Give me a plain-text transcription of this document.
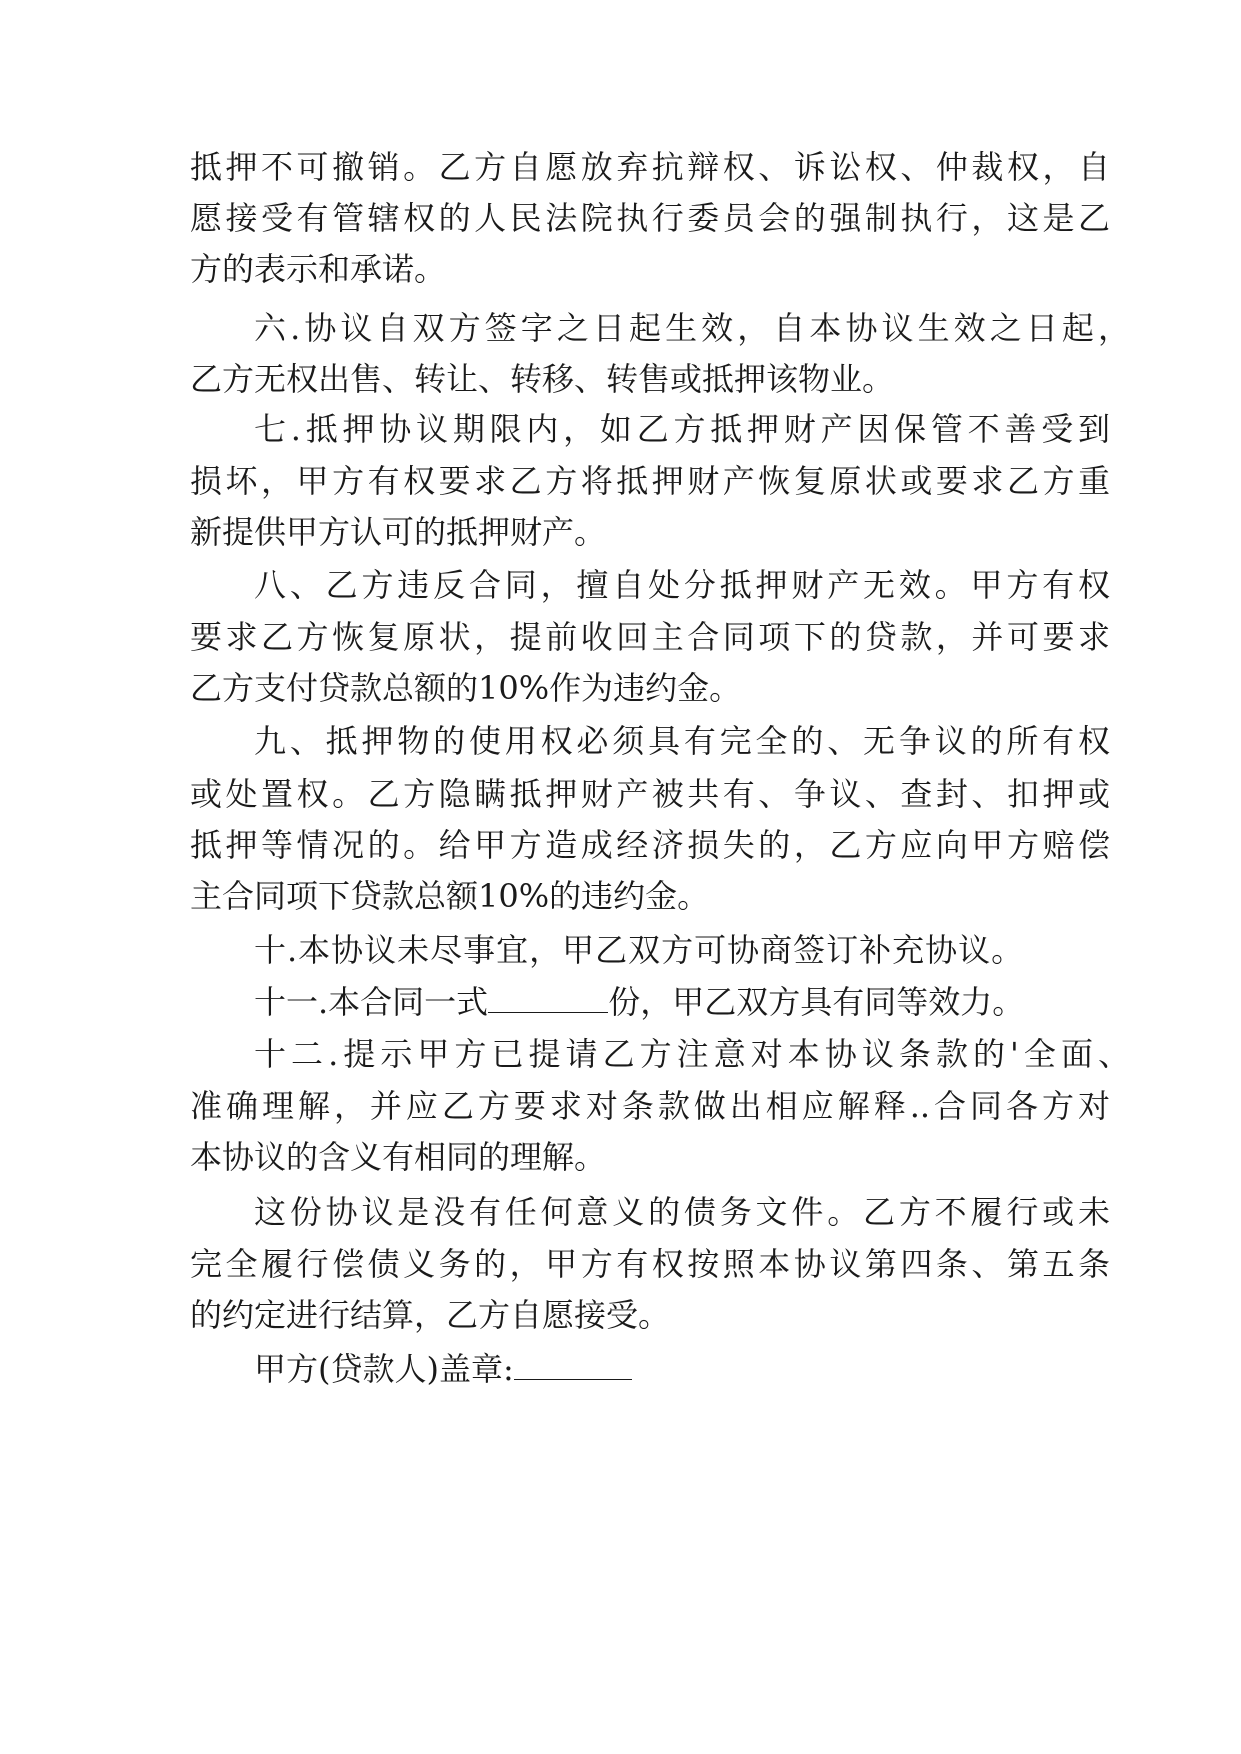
抵押不可撤销。乙方自愿放弃抗辩权、诉讼权、仲裁权，自
愿接受有管辖权的人民法院执行委员会的强制执行，这是乙
方的表示和承诺。
六.协议自双方签字之日起生效，自本协议生效之日起，
乙方无权出售、转让、转移、转售或抵押该物业。
七.抵押协议期限内，如乙方抵押财产因保管不善受到
损坏，甲方有权要求乙方将抵押财产恢复原状或要求乙方重
新提供甲方认可的抵押财产。
八、乙方违反合同，擅自处分抵押财产无效。甲方有权
要求乙方恢复原状，提前收回主合同项下的贷款，并可要求
乙方支付贷款总额的10%作为违约金。
九、抵押物的使用权必须具有完全的、无争议的所有权
或处置权。乙方隐瞒抵押财产被共有、争议、查封、扣押或
抵押等情况的。给甲方造成经济损失的，乙方应向甲方赔偿
主合同项下贷款总额10%的违约金。
十.本协议未尽事宜，甲乙双方可协商签订补充协议。
十一.本合同一式	份，甲乙双方具有同等效力。
十二.提示甲方已提请乙方注意对本协议条款的'全面、
准确理解，并应乙方要求对条款做出相应解释..合同各方对
本协议的含义有相同的理解。
这份协议是没有任何意义的债务文件。乙方不履行或未
完全履行偿债义务的，甲方有权按照本协议第四条、第五条
的约定进行结算，乙方自愿接受。
甲方(贷款人)盖章:
